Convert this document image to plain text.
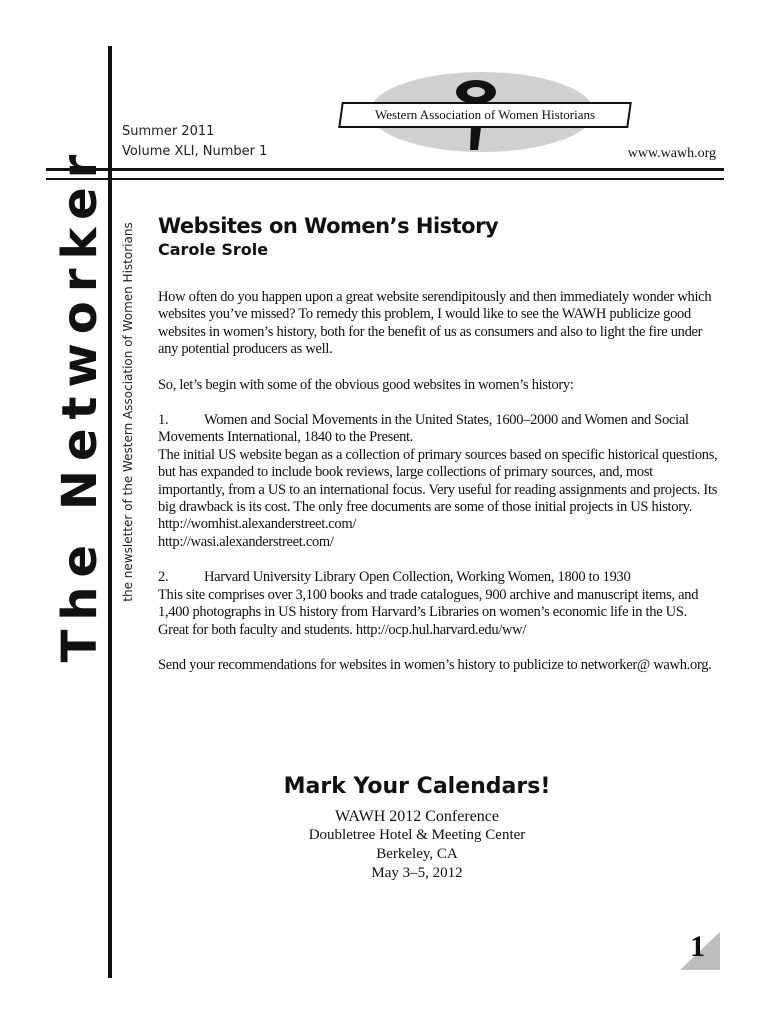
Western Association of Women Historians
Summer 2011
Volume XLI, Number 1	www.wawh.org
The Networker the newsletter of the Western Association of Women Historians Websites on Women’s History
Carole Srole

How often do you happen upon a great website serendipitously and then immediately wonder which websites you’ve missed? To remedy this problem, I would like to see the WAWH publicize good websites in women’s history, both for the benefit of us as consumers and also to light the fire under any potential producers as well.

So, let’s begin with some of the obvious good websites in women’s history:

1. Women and Social Movements in the United States, 1600–2000 and Women and Social Movements International, 1840 to the Present.

The initial US website began as a collection of primary sources based on specific historical questions, but has expanded to include book reviews, large collections of primary sources, and, most importantly, from a US to an international focus. Very useful for reading assignments and projects. Its big drawback is its cost. The only free documents are some of those initial projects in US history.

http://womhist.alexanderstreet.com/
http://wasi.alexanderstreet.com/

2. Harvard University Library Open Collection, Working Women, 1800 to 1930

This site comprises over 3,100 books and trade catalogues, 900 archive and manuscript items, and 1,400 photographs in US history from Harvard’s Libraries on women’s economic life in the US. Great for both faculty and students. http://ocp.hul.harvard.edu/ww/

Send your recommendations for websites in women’s history to publicize to networker@ wawh.org.

Mark Your Calendars!
WAWH 2012 Conference
Doubletree Hotel & Meeting Center
Berkeley, CA
May 3–5, 2012
1
